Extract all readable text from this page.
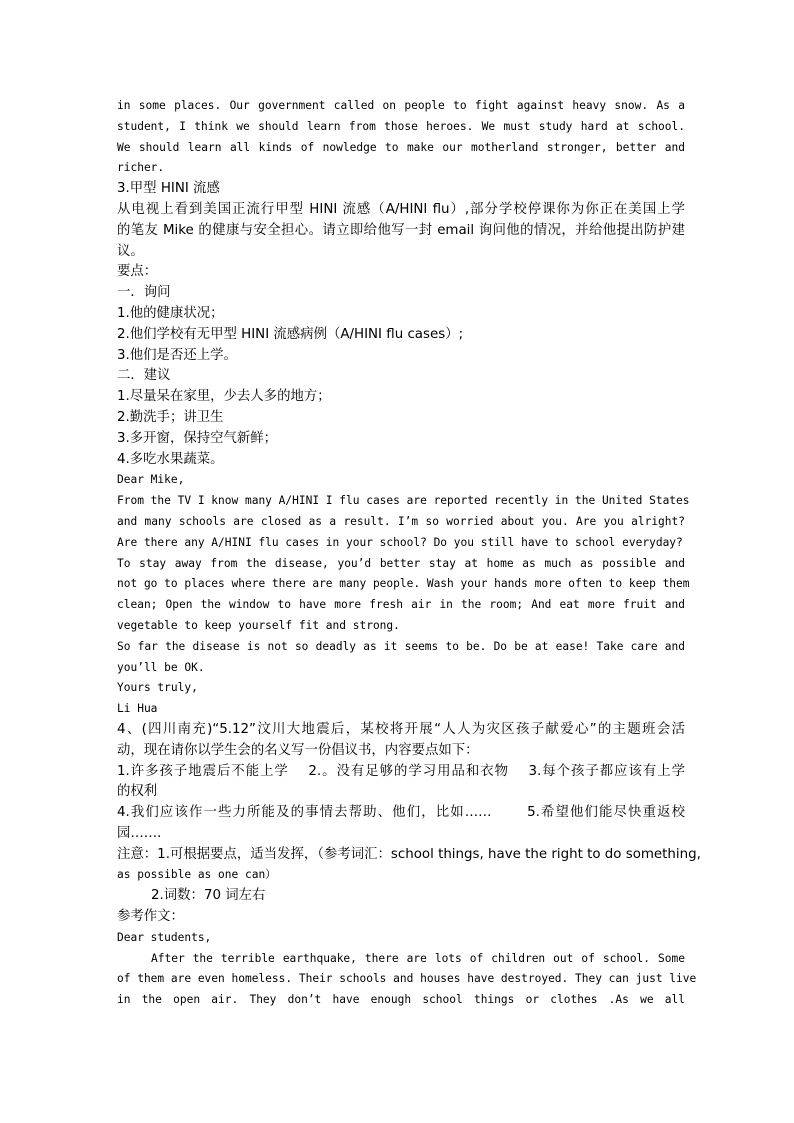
in some places. Our government called on people to fight against heavy snow. As a
student, I think we should learn from those heroes. We must study hard at school.
We should learn all kinds of nowledge to make our motherland stronger, better and
richer.
3.甲型 HINI 流感
从电视上看到美国正流行甲型 HINI 流感（A/HINI flu）,部分学校停课你为你正在美国上学
的笔友 Mike 的健康与安全担心。请立即给他写一封 email 询问他的情况，并给他提出防护建
议。
要点：
一．询问
1.他的健康状况；
2.他们学校有无甲型 HINI 流感病例（A/HINI flu cases）;
3.他们是否还上学。
二．建议
1.尽量呆在家里，少去人多的地方；
2.勤洗手；讲卫生
3.多开窗，保持空气新鲜；
4.多吃水果蔬菜。
Dear Mike,
From the TV I know many A/HINI I flu cases are reported recently in the United States
and many schools are closed as a result. I’m so worried about you. Are you alright?
Are there any A/HINI flu cases in your school? Do you still have to school everyday?
To stay away from the disease, you’d better stay at home as much as possible and
not go to places where there are many people. Wash your hands more often to keep them
clean; Open the window to have more fresh air in the room; And eat more fruit and
vegetable to keep yourself fit and strong.
So far the disease is not so deadly as it seems to be. Do be at ease! Take care and
you’ll be OK.
Yours truly,
Li Hua
4、(四川南充)“5.12”汶川大地震后，某校将开展“人人为灾区孩子献爱心”的主题班会活
动，现在请你以学生会的名义写一份倡议书，内容要点如下：
1.许多孩子地震后不能上学　 2.。没有足够的学习用品和衣物　 3.每个孩子都应该有上学
的权利
4.我们应该作一些力所能及的事情去帮助、他们，比如……　　 5.希望他们能尽快重返校
园……．
注意：1.可根据要点，适当发挥，（参考词汇：school things, have the right to do something,
as possible as one can）
2.词数：70 词左右
参考作文：
Dear students,
After the terrible earthquake, there are lots of children out of school. Some
of them are even homeless. Their schools and houses have destroyed. They can just live
in the open air. They don’t have enough school things or clothes .As we all
